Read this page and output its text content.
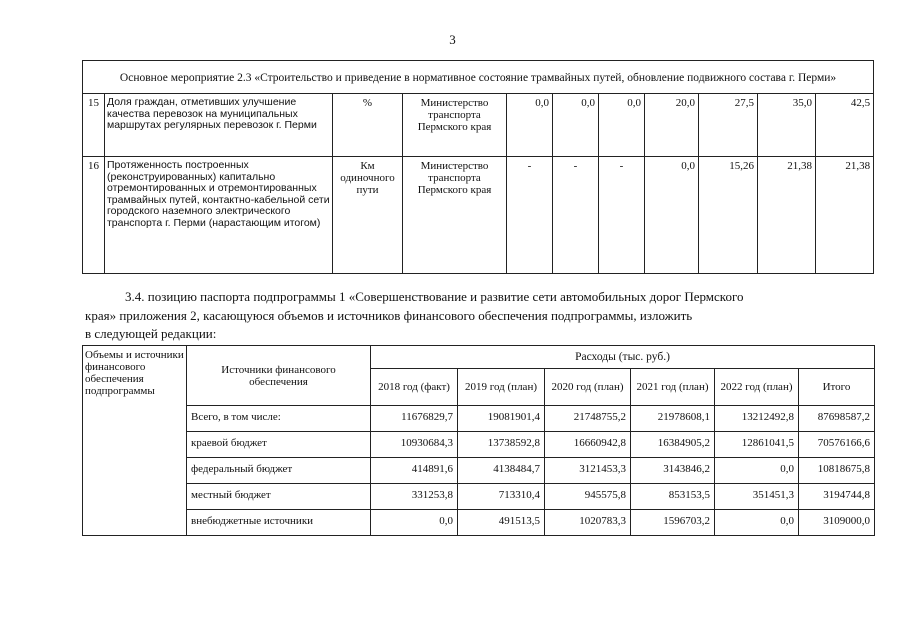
3
Основное мероприятие 2.3 «Строительство и приведение в нормативное состояние трамвайных путей, обновление подвижного состава г. Перми»										
15	Доля граждан, отметивших улучшение качества перевозок на муниципальных маршрутах регулярных перевозок г. Перми	%	Министерство транспорта Пермского края	0,0	0,0	0,0	20,0	27,5	35,0	42,5
16	Протяженность построенных (реконструированных) капитально отремонтированных и отремонтированных трамвайных путей, контактно-кабельной сети городского наземного электрического транспорта г. Перми (нарастающим итогом)	Км одиночного пути	Министерство транспорта Пермского края	-	-	-	0,0	15,26	21,38	21,38
3.4. позицию паспорта подпрограммы 1 «Совершенствование и развитие сети автомобильных дорог Пермского
края» приложения 2, касающуюся объемов и источников финансового обеспечения подпрограммы, изложить
в следующей редакции:
Объемы и источники финансового обеспечения подпрограммы	Источники финансового обеспечения	Расходы (тыс. руб.)					
		2018 год (факт)	2019 год (план)	2020 год (план)	2021 год (план)	2022 год (план)	Итого
	Всего, в том числе:	11676829,7	19081901,4	21748755,2	21978608,1	13212492,8	87698587,2
	краевой бюджет	10930684,3	13738592,8	16660942,8	16384905,2	12861041,5	70576166,6
	федеральный бюджет	414891,6	4138484,7	3121453,3	3143846,2	0,0	10818675,8
	местный бюджет	331253,8	713310,4	945575,8	853153,5	351451,3	3194744,8
	внебюджетные источники	0,0	491513,5	1020783,3	1596703,2	0,0	3109000,0
